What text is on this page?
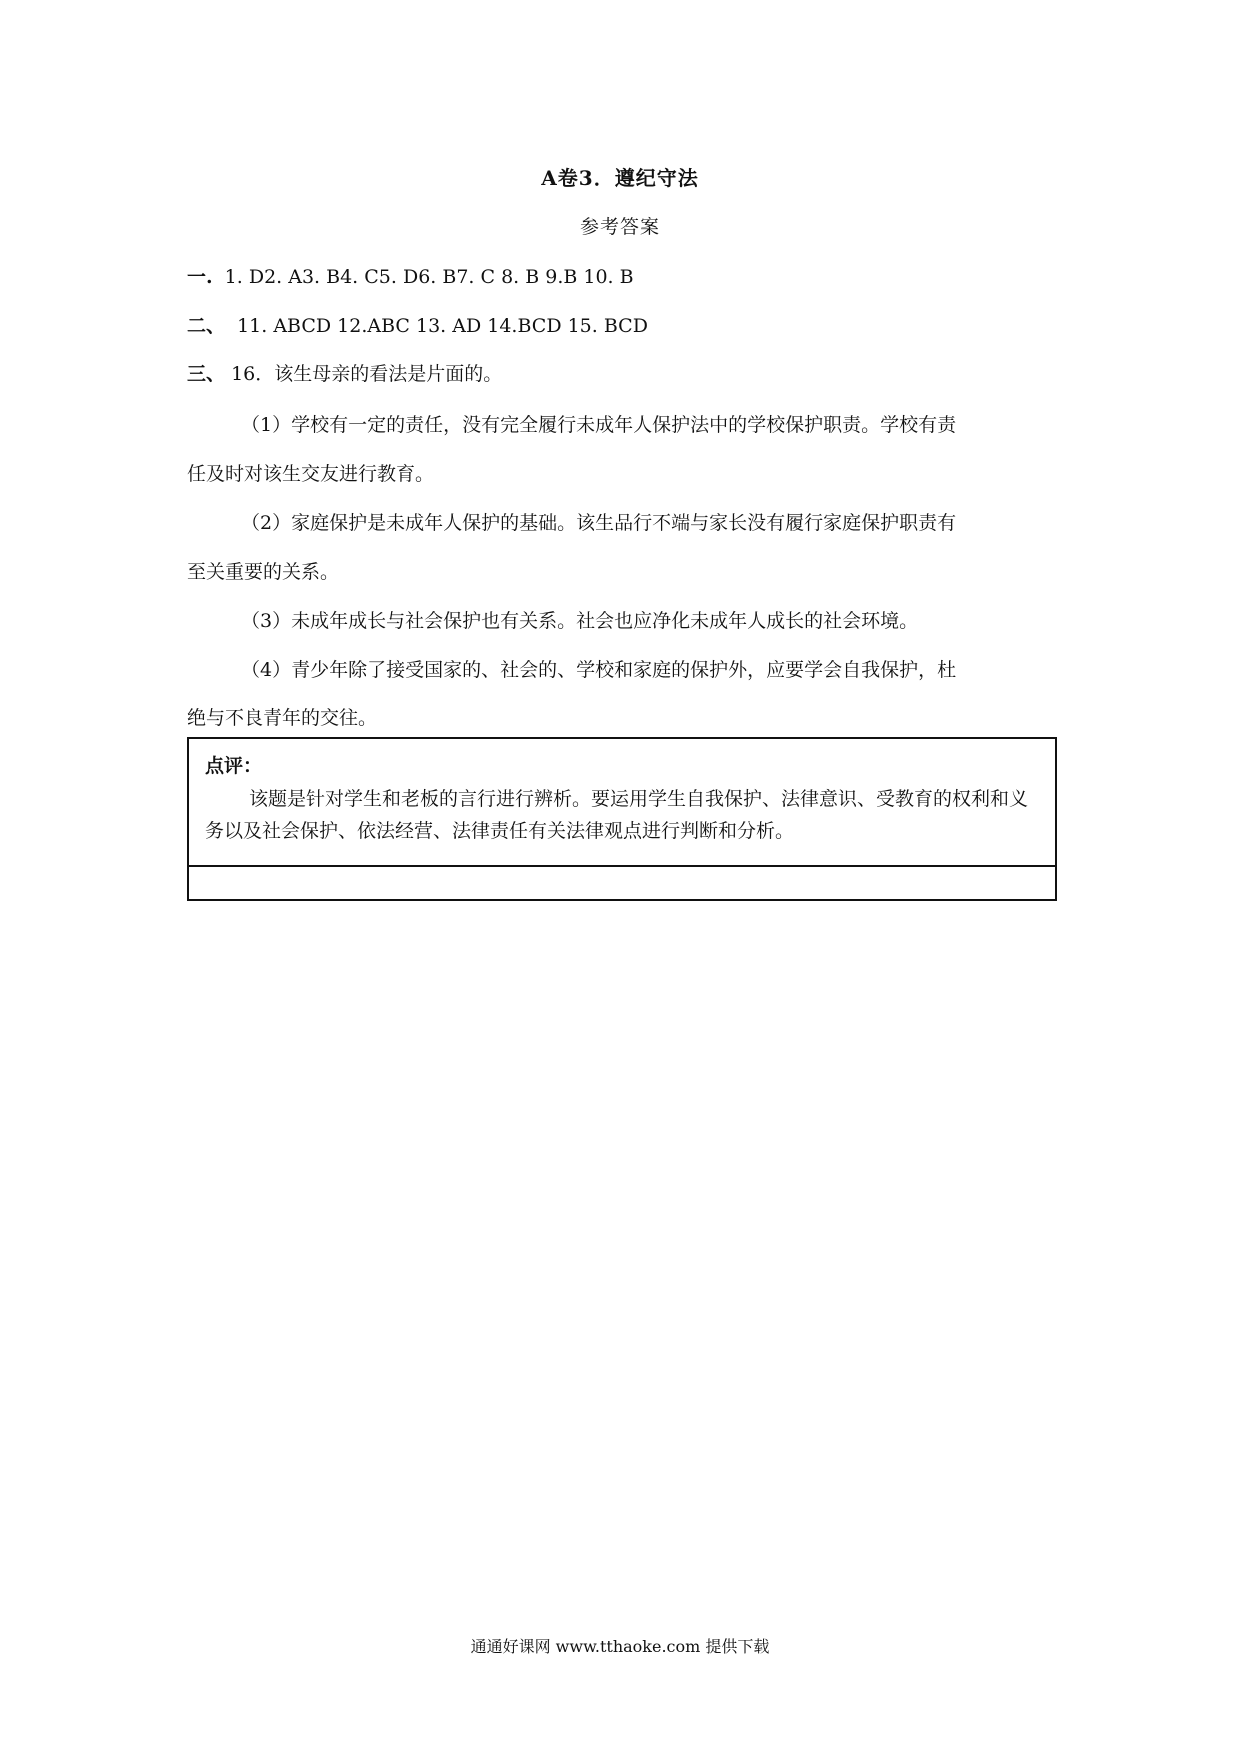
A卷3．遵纪守法
参考答案
一. 1. D2. A3. B4. C5. D6. B7. C 8. B 9.B 10. B
二、 11. ABCD 12.ABC 13. AD 14.BCD 15. BCD
三、 16．该生母亲的看法是片面的。
（1）学校有一定的责任，没有完全履行未成年人保护法中的学校保护职责。学校有责
任及时对该生交友进行教育。
（2）家庭保护是未成年人保护的基础。该生品行不端与家长没有履行家庭保护职责有
至关重要的关系。
（3）未成年成长与社会保护也有关系。社会也应净化未成年人成长的社会环境。
（4）青少年除了接受国家的、社会的、学校和家庭的保护外，应要学会自我保护，杜
绝与不良青年的交往。
点评：
该题是针对学生和老板的言行进行辨析。要运用学生自我保护、法律意识、受教育的权利和义务以及社会保护、依法经营、法律责任有关法律观点进行判断和分析。
通通好课网 www.tthaoke.com 提供下载
